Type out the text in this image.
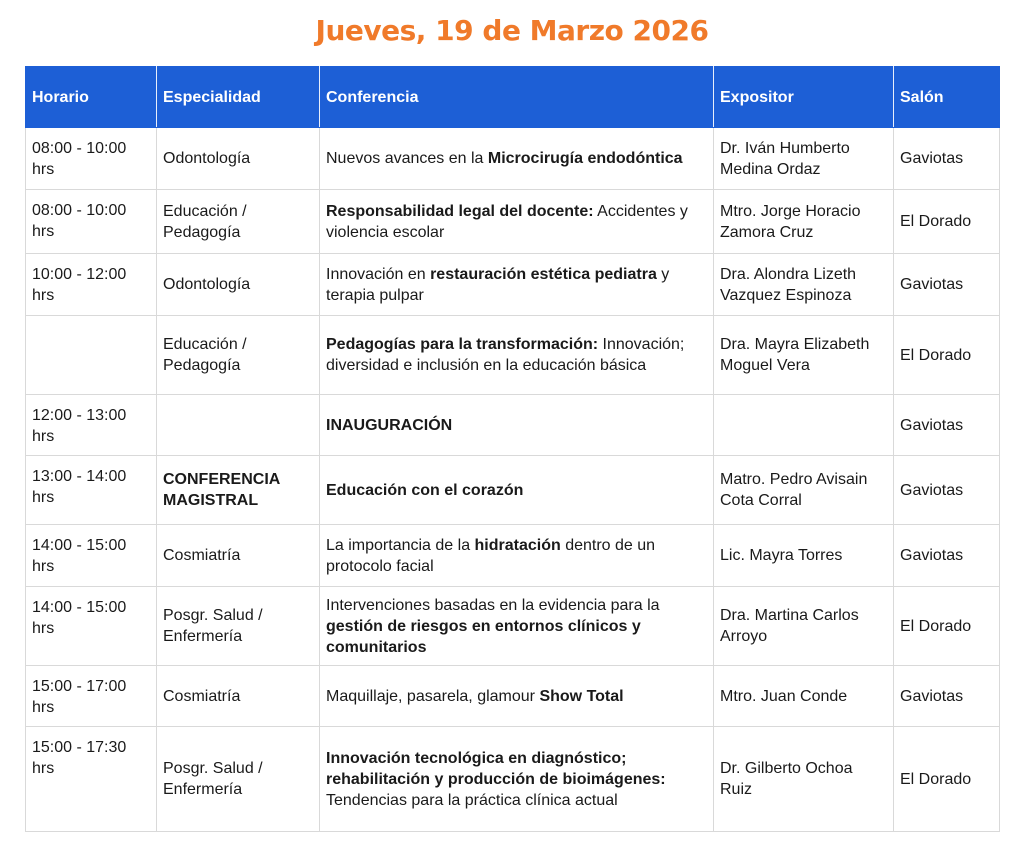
Jueves, 19 de Marzo 2026
Horario	Especialidad	Conferencia	Expositor	Salón
08:00 - 10:00 hrs	Odontología	Nuevos avances en la Microcirugía endodóntica	Dr. Iván Humberto Medina Ordaz	Gaviotas
08:00 - 10:00 hrs	Educación / Pedagogía	Responsabilidad legal del docente: Accidentes y violencia escolar	Mtro. Jorge Horacio Zamora Cruz	El Dorado
10:00 - 12:00 hrs	Odontología	Innovación en restauración estética pediatra y terapia pulpar	Dra. Alondra Lizeth Vazquez Espinoza	Gaviotas
	Educación / Pedagogía	Pedagogías para la transformación: Innovación; diversidad e inclusión en la educación básica	Dra. Mayra Elizabeth Moguel Vera	El Dorado
12:00 - 13:00 hrs		INAUGURACIÓN		Gaviotas
13:00 - 14:00 hrs	CONFERENCIA MAGISTRAL	Educación con el corazón	Matro. Pedro Avisain Cota Corral	Gaviotas
14:00 - 15:00 hrs	Cosmiatría	La importancia de la hidratación dentro de un protocolo facial	Lic. Mayra Torres	Gaviotas
14:00 - 15:00 hrs	Posgr. Salud / Enfermería	Intervenciones basadas en la evidencia para la gestión de riesgos en entornos clínicos y comunitarios	Dra. Martina Carlos Arroyo	El Dorado
15:00 - 17:00 hrs	Cosmiatría	Maquillaje, pasarela, glamour Show Total	Mtro. Juan Conde	Gaviotas
15:00 - 17:30 hrs	Posgr. Salud / Enfermería	Innovación tecnológica en diagnóstico; rehabilitación y producción de bioimágenes: Tendencias para la práctica clínica actual	Dr. Gilberto Ochoa Ruiz	El Dorado
